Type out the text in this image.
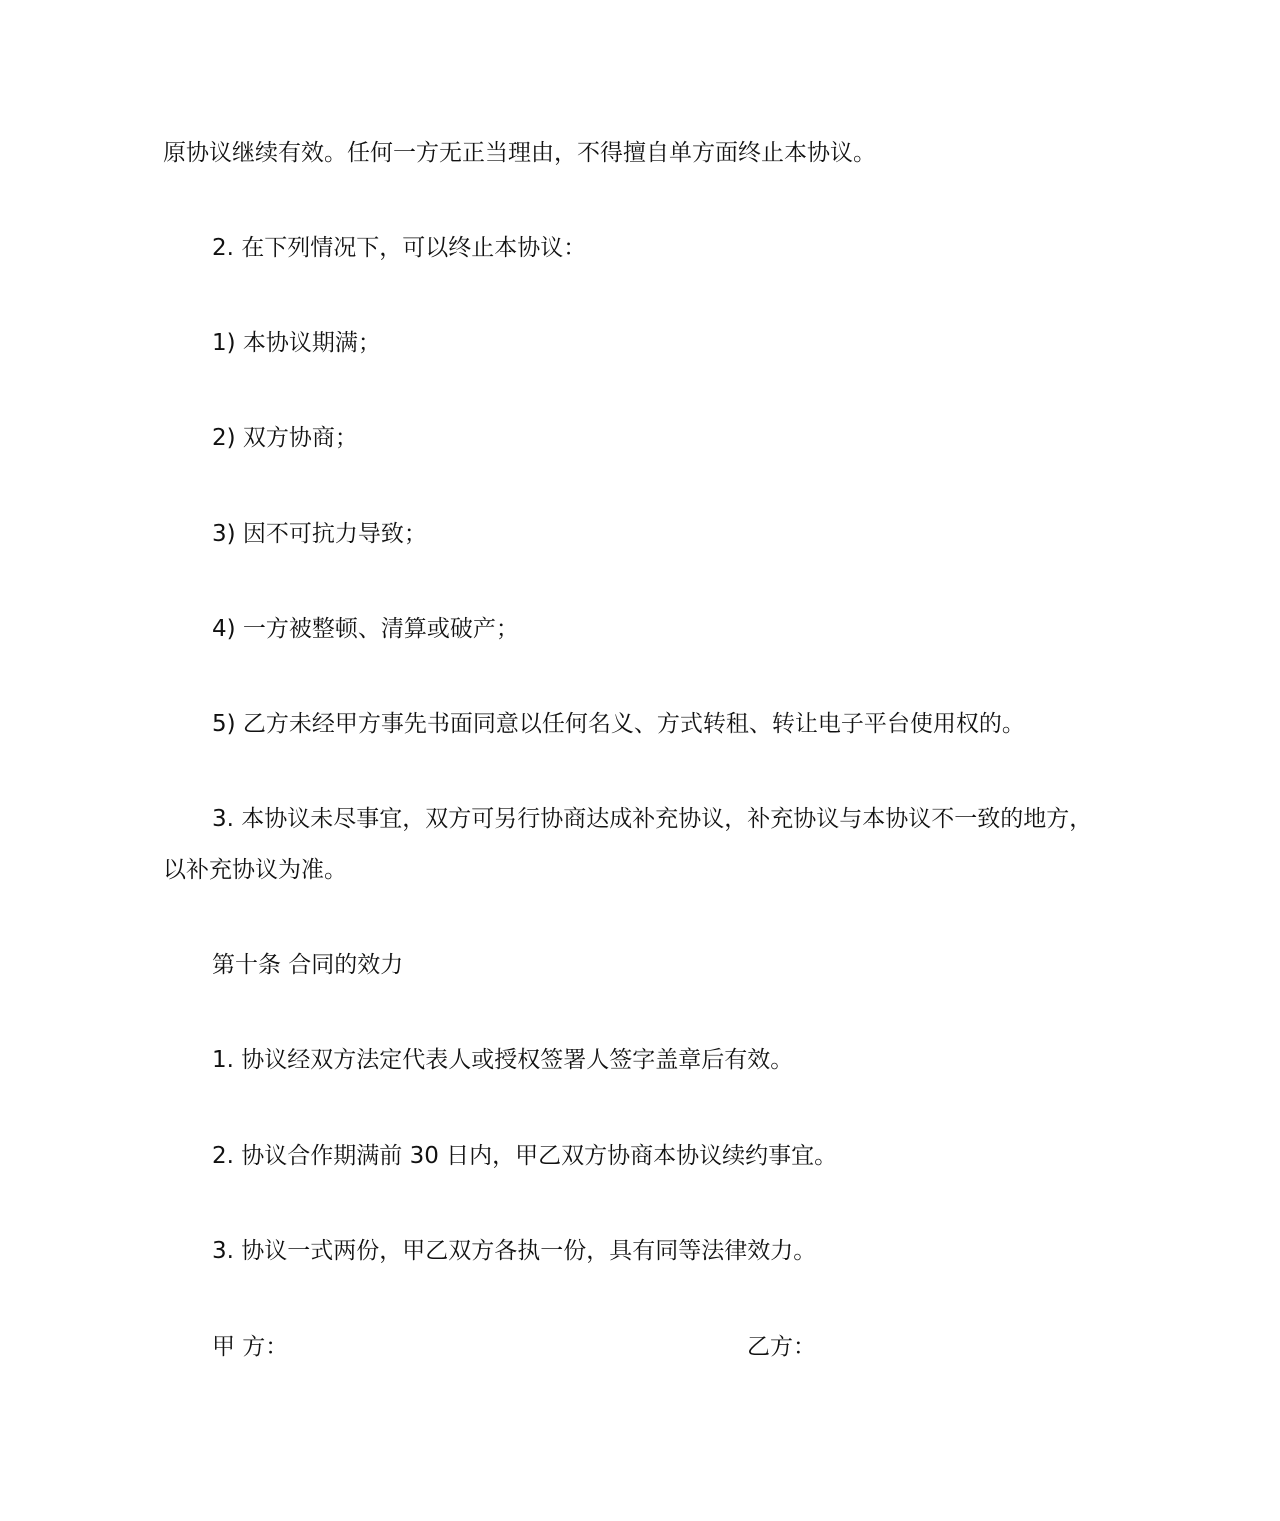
原协议继续有效。任何一方无正当理由，不得擅自单方面终止本协议。
2. 在下列情况下，可以终止本协议：
1) 本协议期满；
2) 双方协商；
3) 因不可抗力导致；
4) 一方被整顿、清算或破产；
5) 乙方未经甲方事先书面同意以任何名义、方式转租、转让电子平台使用权的。
3. 本协议未尽事宜，双方可另行协商达成补充协议，补充协议与本协议不一致的地方，
以补充协议为准。
第十条 合同的效力
1. 协议经双方法定代表人或授权签署人签字盖章后有效。
2. 协议合作期满前 30 日内，甲乙双方协商本协议续约事宜。
3. 协议一式两份，甲乙双方各执一份，具有同等法律效力。
甲 方：	乙方：
